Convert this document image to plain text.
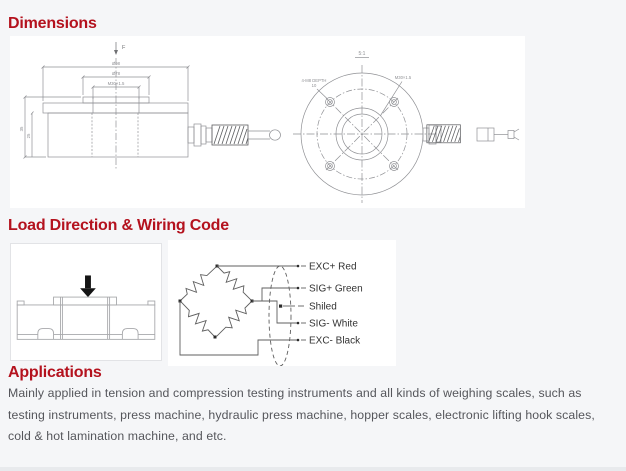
Dimensions
F
Ø98
Ø78
M30×1.5
35
25
5:1
4-M8 DEPTH
10
M30×1.5
Load Direction & Wiring Code
EXC+ Red
SIG+ Green
Shiled
SIG- White
EXC- Black
Applications
Mainly applied in tension and compression testing instruments and all kinds of weighing scales, such as testing instruments, press machine, hydraulic press machine, hopper scales, electronic lifting hook scales, cold & hot lamination machine, and etc.
